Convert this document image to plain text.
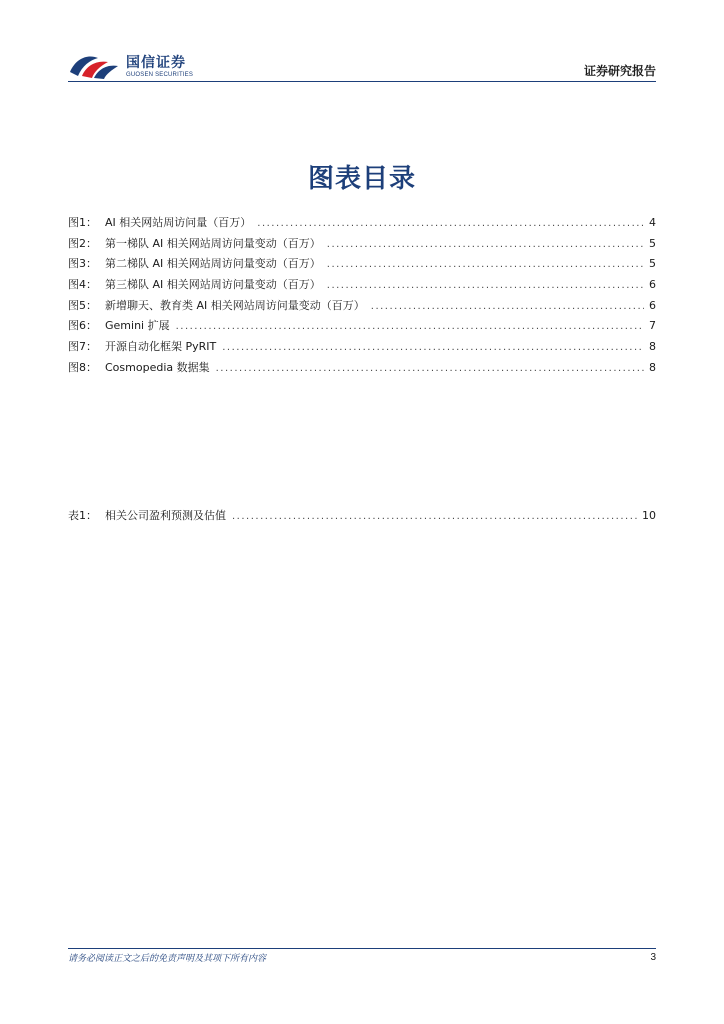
国信证券
GUOSEN SECURITIES	证券研究报告
图表目录
图1： AI 相关网站周访问量（百万） .....	4
图2： 第一梯队 AI 相关网站周访问量变动（百万） .....	5
图3： 第二梯队 AI 相关网站周访问量变动（百万） .....	5
图4： 第三梯队 AI 相关网站周访问量变动（百万） .....	6
图5： 新增聊天、教育类 AI 相关网站周访问量变动（百万） .....	6
图6： Gemini 扩展 .....	7
图7： 开源自动化框架 PyRIT .....	8
图8： Cosmopedia 数据集 .....	8
表1： 相关公司盈利预测及估值 .....	10
请务必阅读正文之后的免责声明及其项下所有内容	3
